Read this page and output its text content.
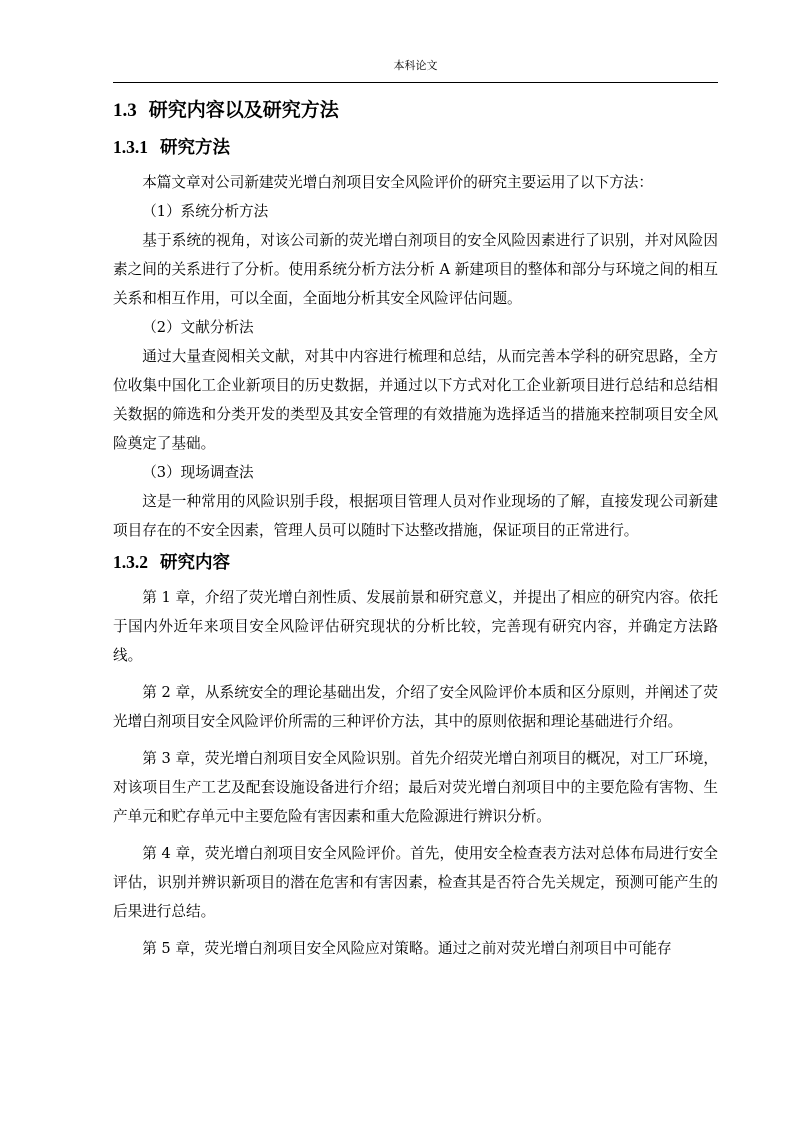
本科论文
1.3 研究内容以及研究方法
1.3.1 研究方法

本篇文章对公司新建荧光增白剂项目安全风险评价的研究主要运用了以下方法：

（1）系统分析方法

基于系统的视角，对该公司新的荧光增白剂项目的安全风险因素进行了识别，并对风险因素之间的关系进行了分析。使用系统分析方法分析 A 新建项目的整体和部分与环境之间的相互关系和相互作用，可以全面，全面地分析其安全风险评估问题。

（2）文献分析法

通过大量查阅相关文献，对其中内容进行梳理和总结，从而完善本学科的研究思路，全方位收集中国化工企业新项目的历史数据，并通过以下方式对化工企业新项目进行总结和总结相关数据的筛选和分类开发的类型及其安全管理的有效措施为选择适当的措施来控制项目安全风险奠定了基础。

（3）现场调查法

这是一种常用的风险识别手段，根据项目管理人员对作业现场的了解，直接发现公司新建项目存在的不安全因素，管理人员可以随时下达整改措施，保证项目的正常进行。

1.3.2 研究内容

第 1 章，介绍了荧光增白剂性质、发展前景和研究意义，并提出了相应的研究内容。依托于国内外近年来项目安全风险评估研究现状的分析比较，完善现有研究内容，并确定方法路线。

第 2 章，从系统安全的理论基础出发，介绍了安全风险评价本质和区分原则，并阐述了荧光增白剂项目安全风险评价所需的三种评价方法，其中的原则依据和理论基础进行介绍。

第 3 章，荧光增白剂项目安全风险识别。首先介绍荧光增白剂项目的概况，对工厂环境，对该项目生产工艺及配套设施设备进行介绍；最后对荧光增白剂项目中的主要危险有害物、生产单元和贮存单元中主要危险有害因素和重大危险源进行辨识分析。

第 4 章，荧光增白剂项目安全风险评价。首先，使用安全检查表方法对总体布局进行安全评估，识别并辨识新项目的潜在危害和有害因素，检查其是否符合先关规定，预测可能产生的后果进行总结。

第 5 章，荧光增白剂项目安全风险应对策略。通过之前对荧光增白剂项目中可能存
